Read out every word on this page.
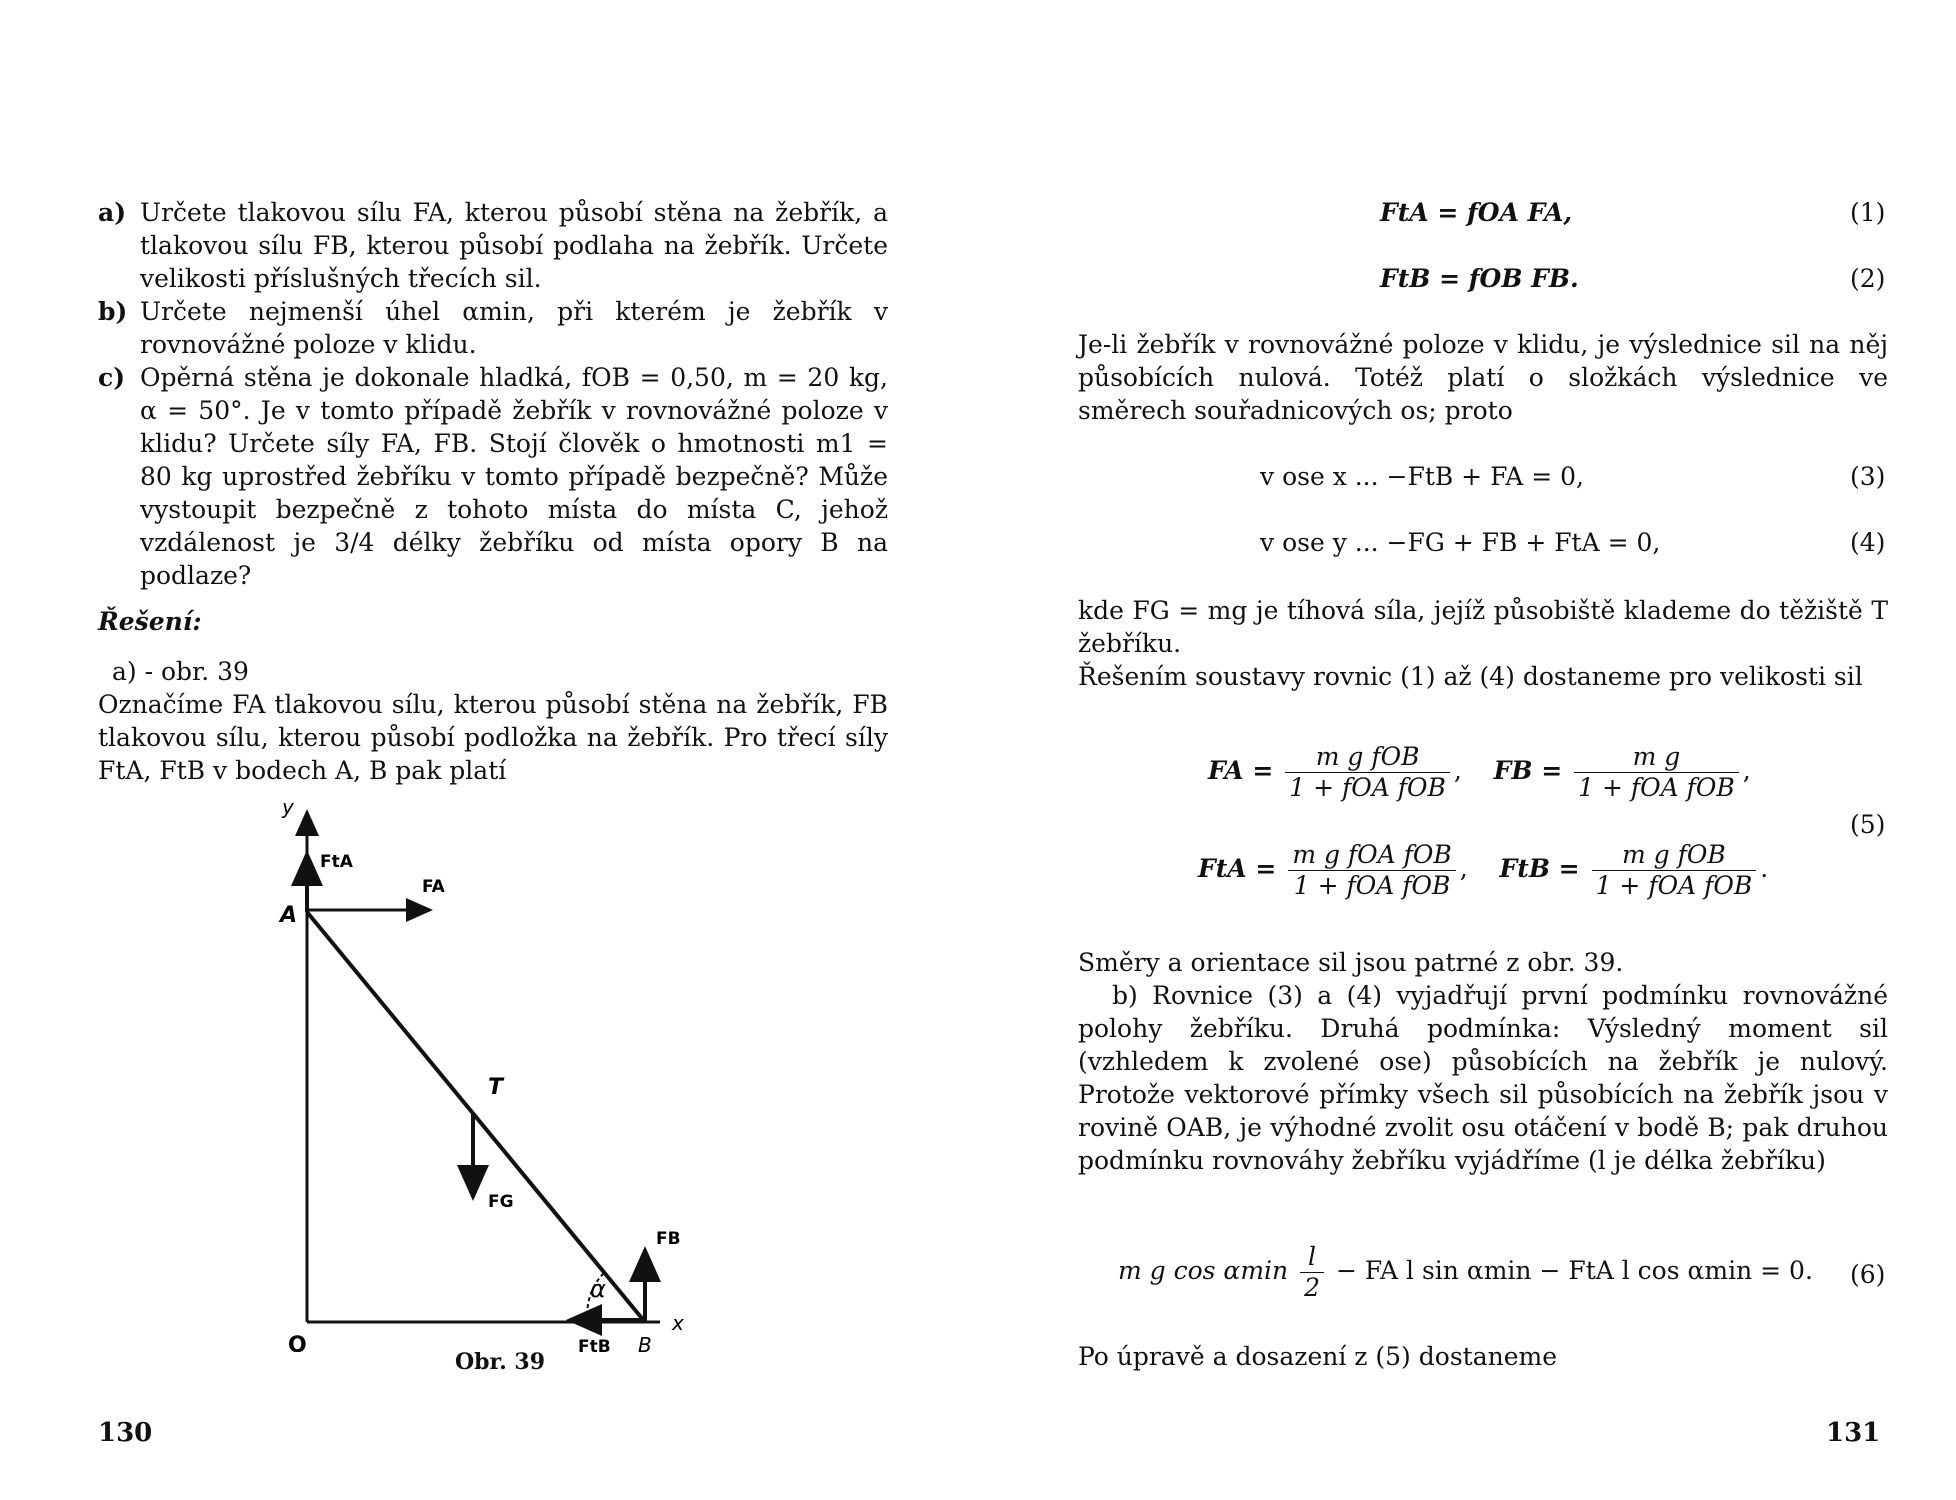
a) Určete tlakovou sílu FA, kterou působí stěna na žebřík, a tlakovou sílu FB, kterou působí podlaha na žebřík. Určete velikosti příslušných třecích sil.
b) Určete nejmenší úhel αmin, při kterém je žebřík v rovnovážné poloze v klidu.
c) Opěrná stěna je dokonale hladká, fOB = 0,50, m = 20 kg, α = 50°. Je v tomto případě žebřík v rovnovážné poloze v klidu? Určete síly FA, FB. Stojí člověk o hmotnosti m1 = 80 kg uprostřed žebříku v tomto případě bezpečně? Může vystoupit bezpečně z tohoto místa do místa C, jehož vzdálenost je 3/4 délky žebříku od místa opory B na podlaze?
Řešení:
a) - obr. 39
Označíme FA tlakovou sílu, kterou působí stěna na žebřík, FB tlakovou sílu, kterou působí podložka na žebřík. Pro třecí síly FtA, FtB v bodech A, B pak platí
y
x
O
A
B
T
FtA
FA
FG
FB
FtB
α
Obr. 39
130
FtA = fOA FA,	(1)
FtB = fOB FB.	(2)
Je-li žebřík v rovnovážné poloze v klidu, je výslednice sil na něj působících nulová. Totéž platí o složkách výslednice ve směrech souřadnicových os; proto
v ose x ... −FtB + FA = 0,	(3)
v ose y ... −FG + FB + FtA = 0,	(4)
kde FG = mg je tíhová síla, jejíž působiště klademe do těžiště T žebříku.
Řešením soustavy rovnic (1) až (4) dostaneme pro velikosti sil
FA = $\frac{\text{m g fOB}}{\text{1 + fOA fOB}}$ , FB = $\frac{\text{m g}}{\text{1 + fOA fOB}}$ ,
FtA = $\frac{\text{m g fOA fOB}}{\text{1 + fOA fOB}}$ , FtB = $\frac{\text{m g fOB}}{\text{1 + fOA fOB}}$ .
(5)
Směry a orientace sil jsou patrné z obr. 39.
b) Rovnice (3) a (4) vyjadřují první podmínku rovnovážné polohy žebříku. Druhá podmínka: Výsledný moment sil (vzhledem k zvolené ose) působících na žebřík je nulový. Protože vektorové přímky všech sil působících na žebřík jsou v rovině OAB, je výhodné zvolit osu otáčení v bodě B; pak druhou podmínku rovnováhy žebříku vyjádříme (l je délka žebříku)
m g cos αmin $\frac{l}{2}$ − FA l sin αmin − FtA l cos αmin = 0. (6)
Po úpravě a dosazení z (5) dostaneme
131
